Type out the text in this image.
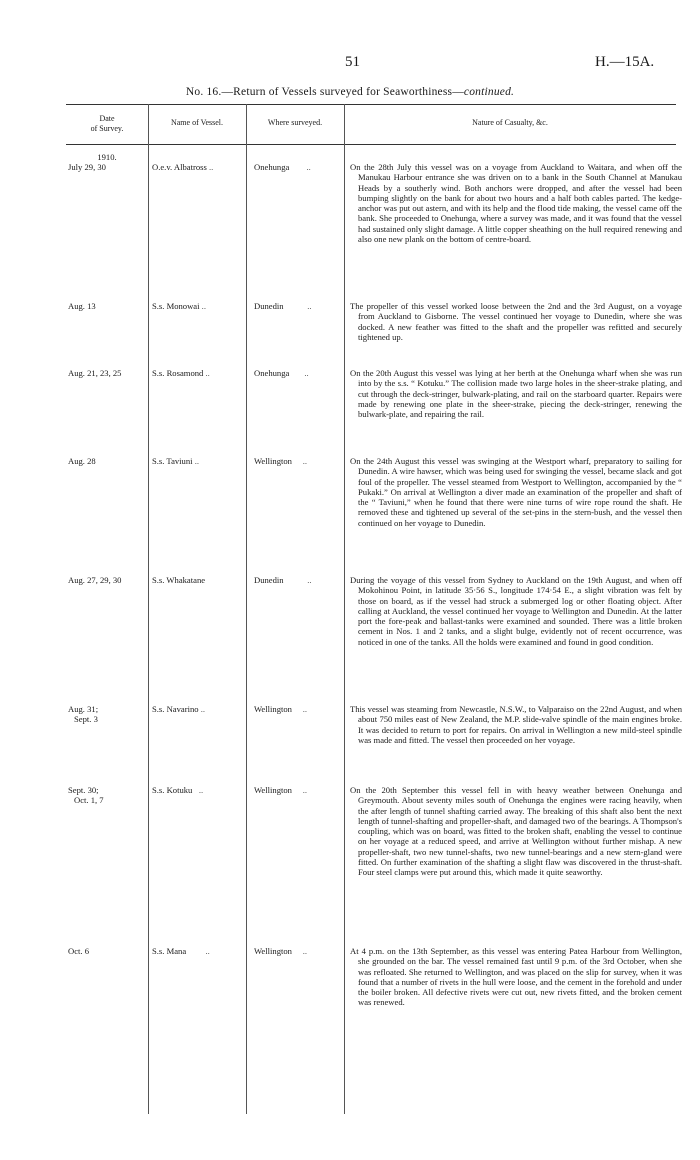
51	H.—15A.
No. 16.—Return of Vessels surveyed for Seaworthiness—continued.
Date
of Survey.
Name of Vessel.	Where surveyed.	Nature of Casualty, &c.
1910.
July 29, 30	O.e.v. Albatross ..	Onehunga        ..	On the 28th July this vessel was on a voyage from Auckland to Waitara, and when off the Manukau Harbour entrance she was driven on to a bank in the South Channel at Manukau Heads by a southerly wind. Both anchors were dropped, and after the vessel had been bumping slightly on the bank for about two hours and a half both cables parted. The kedge-anchor was put out astern, and with its help and the flood tide making, the vessel came off the bank. She proceeded to Onehunga, where a survey was made, and it was found that the vessel had sustained only slight damage. A little copper sheathing on the hull required renewing and also one new plank on the bottom of centre-board.
Aug. 13	S.s. Monowai ..	Dunedin           ..	The propeller of this vessel worked loose between the 2nd and the 3rd August, on a voyage from Auckland to Gisborne. The vessel continued her voyage to Dunedin, where she was docked. A new feather was fitted to the shaft and the propeller was refitted and securely tightened up.
Aug. 21, 23, 25	S.s. Rosamond ..	Onehunga       ..	On the 20th August this vessel was lying at her berth at the Onehunga wharf when she was run into by the s.s. “ Kotuku.” The collision made two large holes in the sheer-strake plating, and cut through the deck-stringer, bulwark-plating, and rail on the starboard quarter. Repairs were made by renewing one plate in the sheer-strake, piecing the deck-stringer, renewing the bulwark-plate, and repairing the rail.
Aug. 28	S.s. Taviuni ..	Wellington     ..	On the 24th August this vessel was swinging at the Westport wharf, preparatory to sailing for Dunedin. A wire hawser, which was being used for swinging the vessel, became slack and got foul of the propeller. The vessel steamed from Westport to Wellington, accompanied by the “ Pukaki.” On arrival at Wellington a diver made an examination of the propeller and shaft of the “ Taviuni,” when he found that there were nine turns of wire rope round the shaft. He removed these and tightened up several of the set-pins in the stern-bush, and the vessel then continued on her voyage to Dunedin.
Aug. 27, 29, 30	S.s. Whakatane	Dunedin           ..	During the voyage of this vessel from Sydney to Auckland on the 19th August, and when off Mokohinou Point, in latitude 35·56 S., longitude 174·54 E., a slight vibration was felt by those on board, as if the vessel had struck a submerged log or other floating object. After calling at Auckland, the vessel continued her voyage to Wellington and Dunedin. At the latter port the fore-peak and ballast-tanks were examined and sounded. There was a little broken cement in Nos. 1 and 2 tanks, and a slight bulge, evidently not of recent occurrence, was noticed in one of the tanks. All the holds were examined and found in good condition.
Aug. 31;
Sept. 3
S.s. Navarino ..	Wellington     ..	This vessel was steaming from Newcastle, N.S.W., to Valparaiso on the 22nd August, and when about 750 miles east of New Zealand, the M.P. slide-valve spindle of the main engines broke. It was decided to return to port for repairs. On arrival in Wellington a new mild-steel spindle was made and fitted. The vessel then proceeded on her voyage.
Sept. 30;
Oct. 1, 7
S.s. Kotuku   ..	Wellington     ..	On the 20th September this vessel fell in with heavy weather between Onehunga and Greymouth. About seventy miles south of Onehunga the engines were racing heavily, when the after length of tunnel shafting carried away. The breaking of this shaft also bent the next length of tunnel-shafting and propeller-shaft, and damaged two of the bearings. A Thompson's coupling, which was on board, was fitted to the broken shaft, enabling the vessel to continue on her voyage at a reduced speed, and arrive at Wellington without further mishap. A new propeller-shaft, two new tunnel-shafts, two new tunnel-bearings and a new stern-gland were fitted. On further examination of the shafting a slight flaw was discovered in the thrust-shaft. Four steel clamps were put around this, which made it quite seaworthy.
Oct. 6	S.s. Mana         ..	Wellington     ..	At 4 p.m. on the 13th September, as this vessel was entering Patea Harbour from Wellington, she grounded on the bar. The vessel remained fast until 9 p.m. of the 3rd October, when she was refloated. She returned to Wellington, and was placed on the slip for survey, when it was found that a number of rivets in the hull were loose, and the cement in the forehold and under the boiler broken. All defective rivets were cut out, new rivets fitted, and the broken cement was renewed.
